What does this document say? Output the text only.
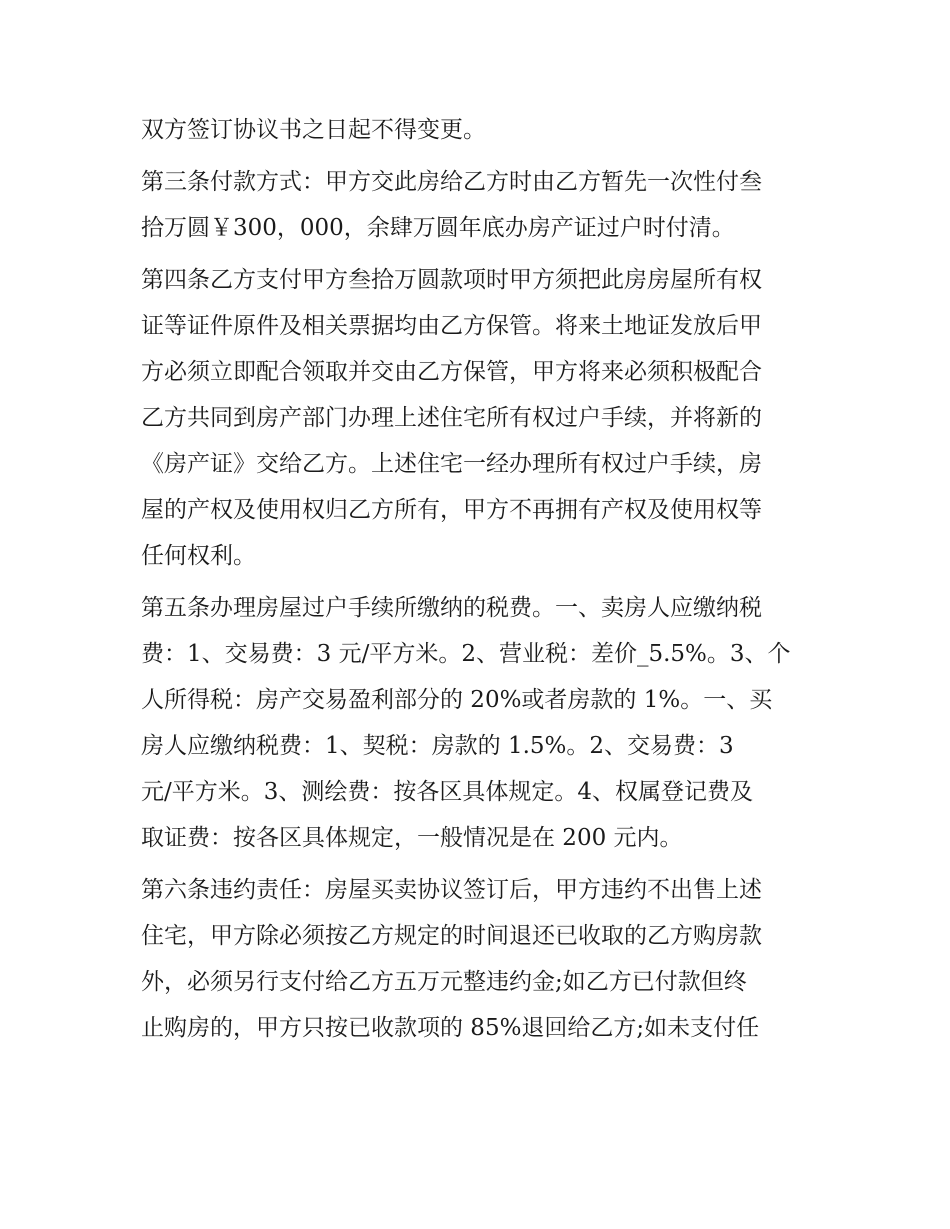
双方签订协议书之日起不得变更。
第三条付款方式：甲方交此房给乙方时由乙方暂先一次性付叁
拾万圆￥300，000，余肆万圆年底办房产证过户时付清。
第四条乙方支付甲方叁拾万圆款项时甲方须把此房房屋所有权
证等证件原件及相关票据均由乙方保管。将来土地证发放后甲
方必须立即配合领取并交由乙方保管，甲方将来必须积极配合
乙方共同到房产部门办理上述住宅所有权过户手续，并将新的
《房产证》交给乙方。上述住宅一经办理所有权过户手续，房
屋的产权及使用权归乙方所有，甲方不再拥有产权及使用权等
任何权利。
第五条办理房屋过户手续所缴纳的税费。一、卖房人应缴纳税
费：1、交易费：3 元/平方米。2、营业税：差价_5.5%。3、个
人所得税：房产交易盈利部分的 20%或者房款的 1%。一、买
房人应缴纳税费：1、契税：房款的 1.5%。2、交易费：3
元/平方米。3、测绘费：按各区具体规定。4、权属登记费及
取证费：按各区具体规定，一般情况是在 200 元内。
第六条违约责任：房屋买卖协议签订后，甲方违约不出售上述
住宅，甲方除必须按乙方规定的时间退还已收取的乙方购房款
外，必须另行支付给乙方五万元整违约金;如乙方已付款但终
止购房的，甲方只按已收款项的 85%退回给乙方;如未支付任
